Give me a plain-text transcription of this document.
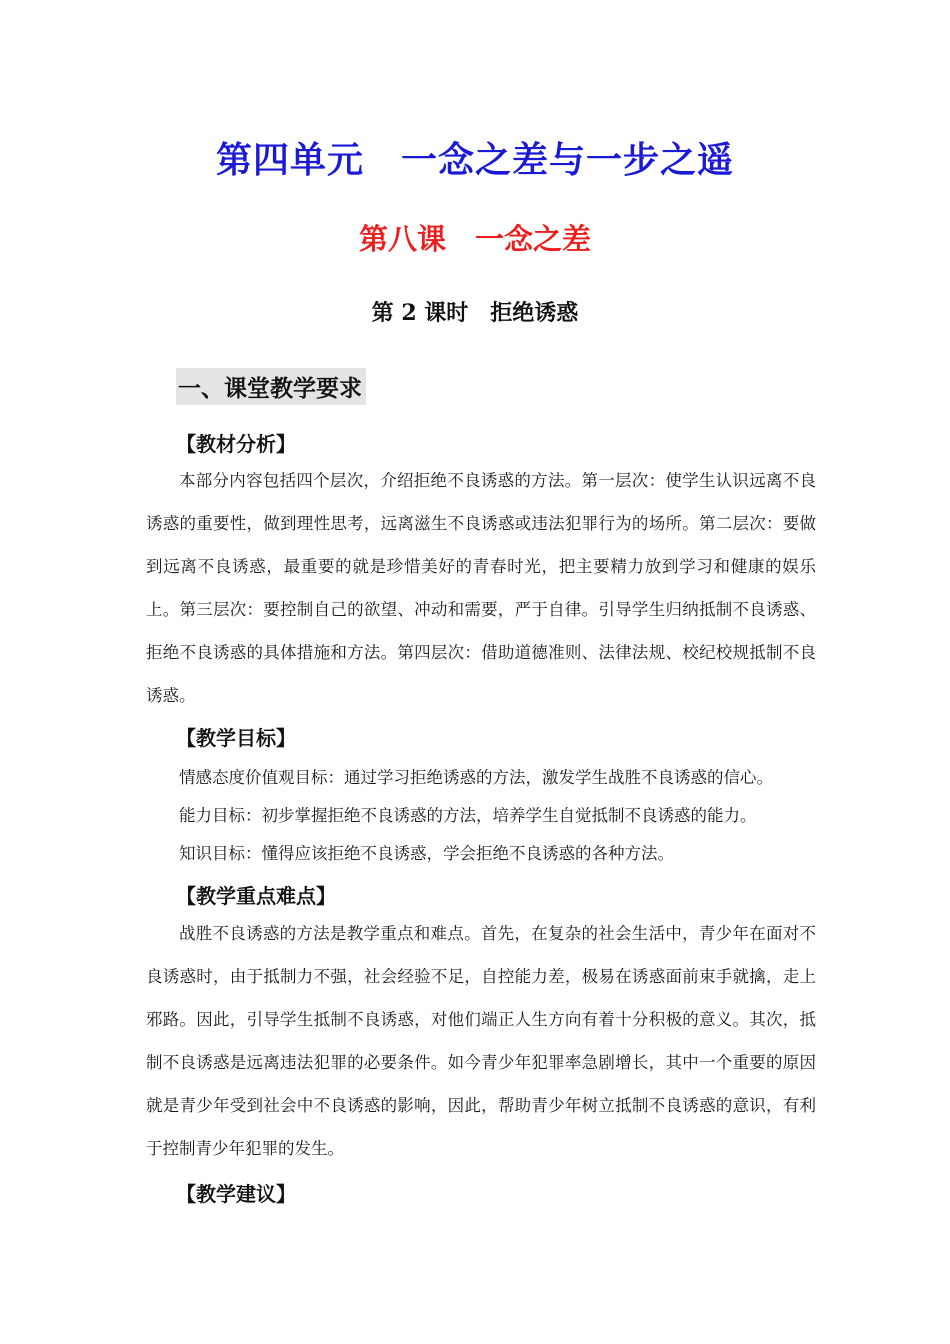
第四单元　一念之差与一步之遥
第八课　一念之差
第 2 课时　拒绝诱惑
一、课堂教学要求
【教材分析】

本部分内容包括四个层次，介绍拒绝不良诱惑的方法。第一层次：使学生认识远离不良诱惑的重要性，做到理性思考，远离滋生不良诱惑或违法犯罪行为的场所。第二层次：要做到远离不良诱惑，最重要的就是珍惜美好的青春时光，把主要精力放到学习和健康的娱乐上。第三层次：要控制自己的欲望、冲动和需要，严于自律。引导学生归纳抵制不良诱惑、拒绝不良诱惑的具体措施和方法。第四层次：借助道德准则、法律法规、校纪校规抵制不良诱惑。

【教学目标】
情感态度价值观目标：通过学习拒绝诱惑的方法，激发学生战胜不良诱惑的信心。
能力目标：初步掌握拒绝不良诱惑的方法，培养学生自觉抵制不良诱惑的能力。
知识目标：懂得应该拒绝不良诱惑，学会拒绝不良诱惑的各种方法。
【教学重点难点】

战胜不良诱惑的方法是教学重点和难点。首先，在复杂的社会生活中，青少年在面对不良诱惑时，由于抵制力不强，社会经验不足，自控能力差，极易在诱惑面前束手就擒，走上邪路。因此，引导学生抵制不良诱惑，对他们端正人生方向有着十分积极的意义。其次，抵制不良诱惑是远离违法犯罪的必要条件。如今青少年犯罪率急剧增长，其中一个重要的原因就是青少年受到社会中不良诱惑的影响，因此，帮助青少年树立抵制不良诱惑的意识，有利于控制青少年犯罪的发生。

【教学建议】
